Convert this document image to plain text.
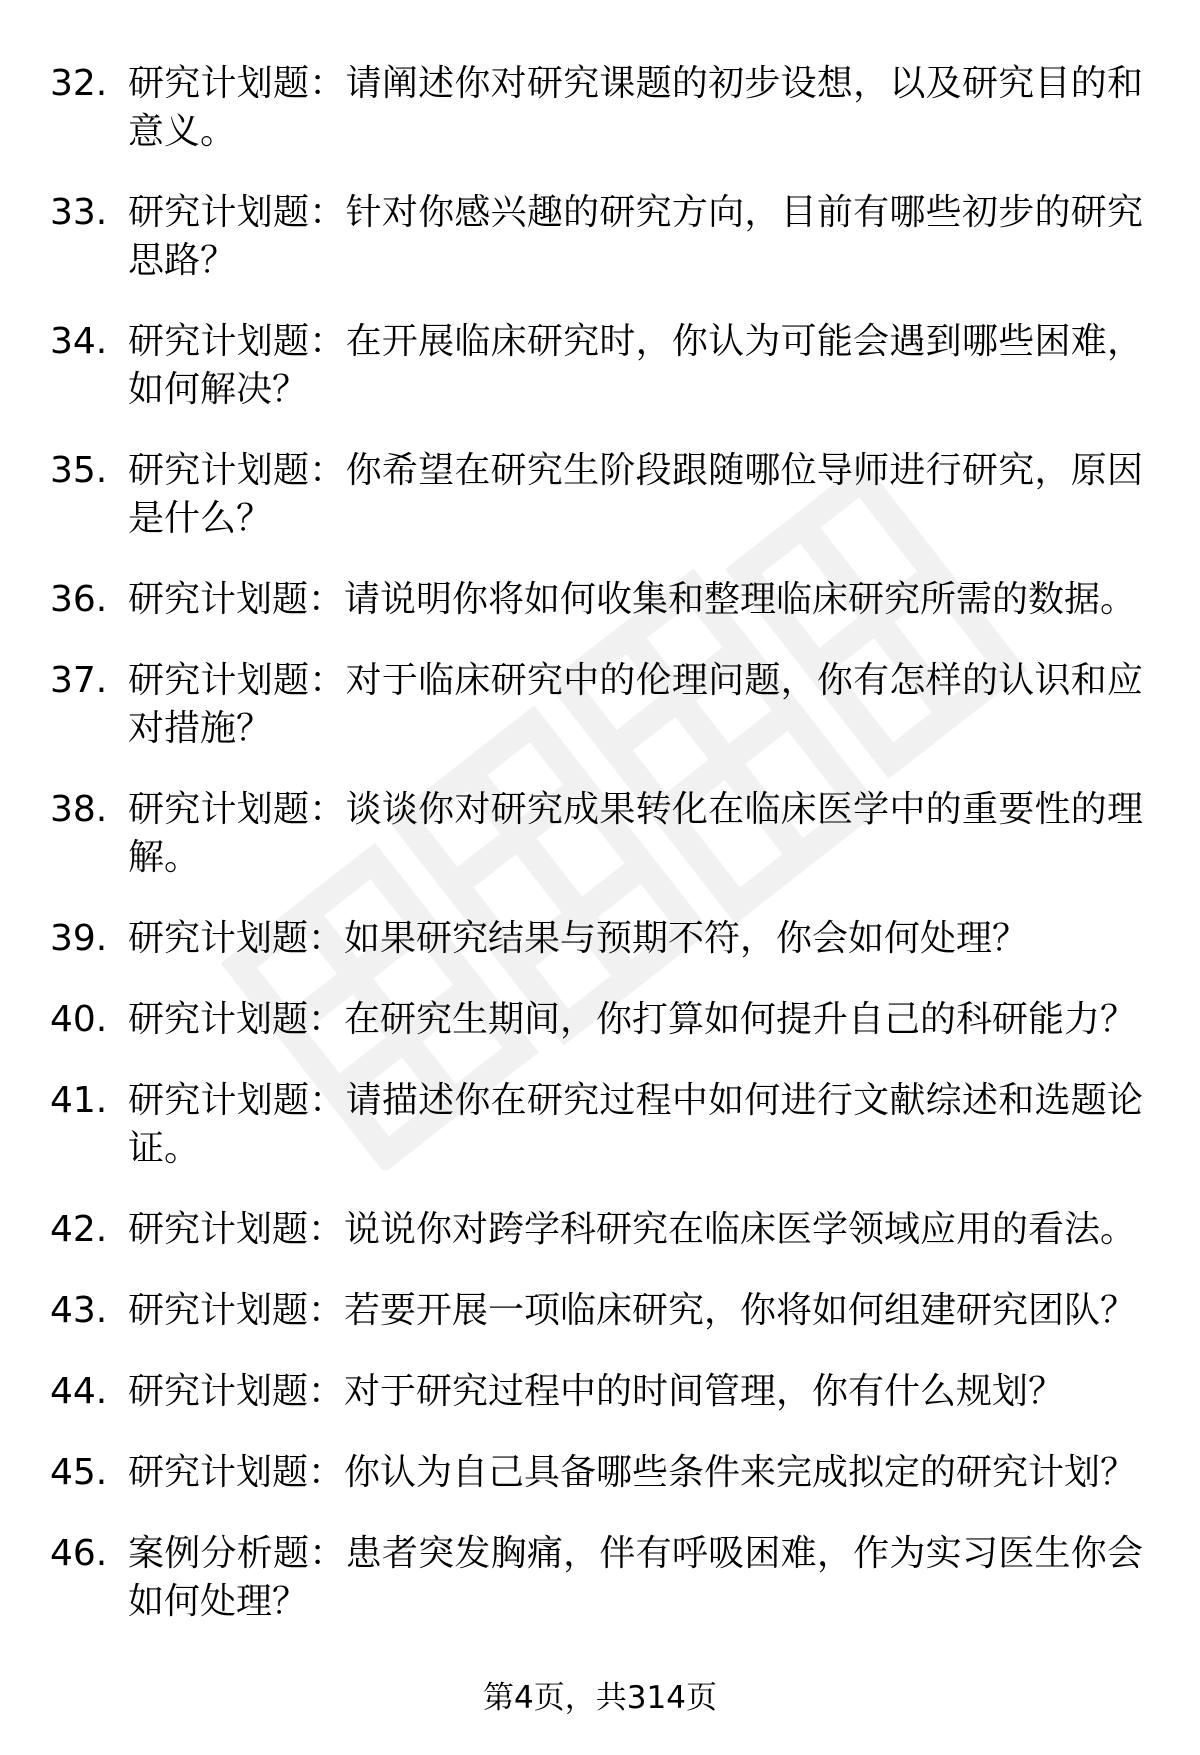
32. 研究计划题：请阐述你对研究课题的初步设想，以及研究目的和意义。
33. 研究计划题：针对你感兴趣的研究方向，目前有哪些初步的研究思路？
34. 研究计划题：在开展临床研究时，你认为可能会遇到哪些困难，如何解决？
35. 研究计划题：你希望在研究生阶段跟随哪位导师进行研究，原因是什么？
36. 研究计划题：请说明你将如何收集和整理临床研究所需的数据。
37. 研究计划题：对于临床研究中的伦理问题，你有怎样的认识和应对措施？
38. 研究计划题：谈谈你对研究成果转化在临床医学中的重要性的理解。
39. 研究计划题：如果研究结果与预期不符，你会如何处理？
40. 研究计划题：在研究生期间，你打算如何提升自己的科研能力？
41. 研究计划题：请描述你在研究过程中如何进行文献综述和选题论证。
42. 研究计划题：说说你对跨学科研究在临床医学领域应用的看法。
43. 研究计划题：若要开展一项临床研究，你将如何组建研究团队？
44. 研究计划题：对于研究过程中的时间管理，你有什么规划？
45. 研究计划题：你认为自己具备哪些条件来完成拟定的研究计划？
46. 案例分析题：患者突发胸痛，伴有呼吸困难，作为实习医生你会如何处理？
第4页，共314页
